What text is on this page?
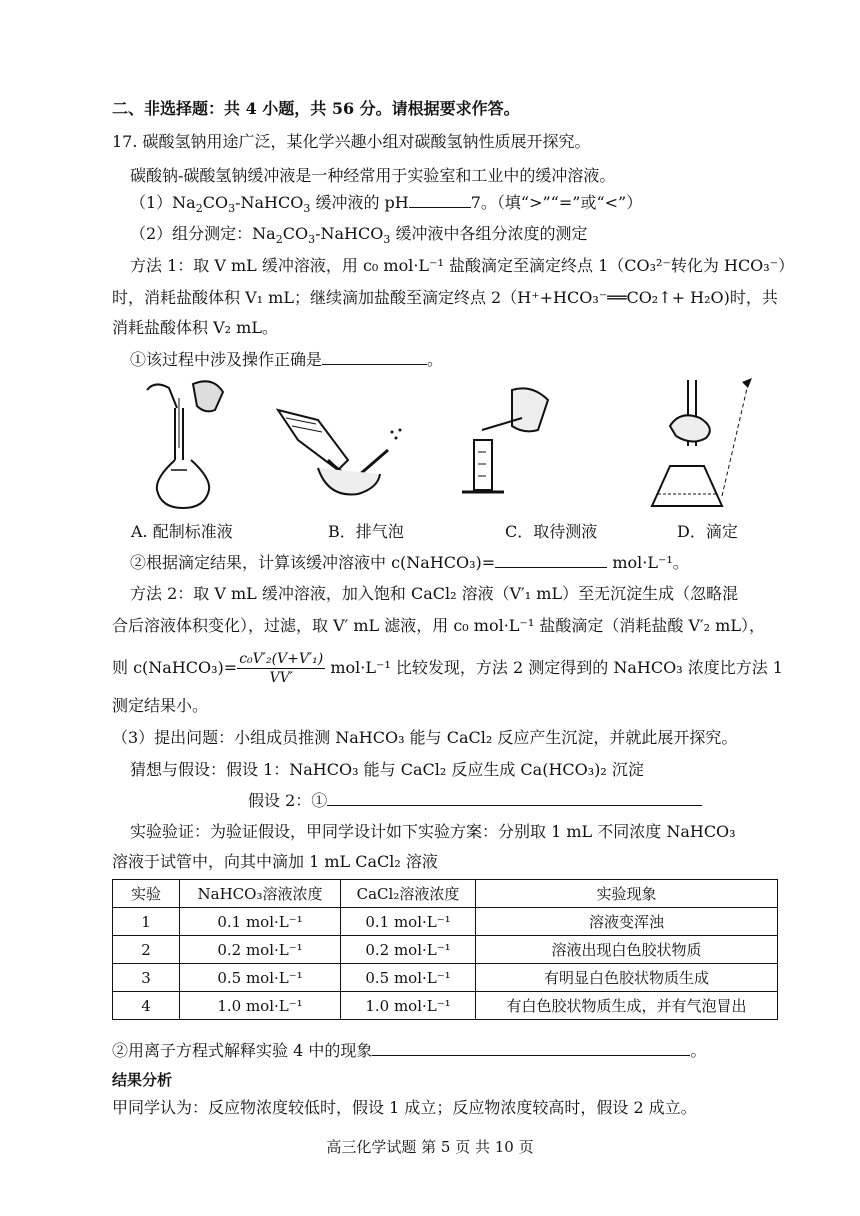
二、非选择题：共 4 小题，共 56 分。请根据要求作答。
17. 碳酸氢钠用途广泛，某化学兴趣小组对碳酸氢钠性质展开探究。
碳酸钠-碳酸氢钠缓冲液是一种经常用于实验室和工业中的缓冲溶液。
$(1)Na_2CO_3-NaHCO_3$ 缓冲液的 pH	7。（填“>”“=”或“<”）
（2）组分测定：$Na_2CO_3-NaHCO_3$ 缓冲液中各组分浓度的测定
方法 1：取 V mL 缓冲溶液，用 c₀ mol·L⁻¹ 盐酸滴定至滴定终点 1（CO₃²⁻转化为 HCO₃⁻）
时，消耗盐酸体积 V₁ mL；继续滴加盐酸至滴定终点 2（H⁺+HCO₃⁻══CO₂↑+ H₂O)时，共
消耗盐酸体积 V₂ mL。
①该过程中涉及操作正确是	。
A. 配制标准液	B．排气泡	C．取待测液	D．滴定
②根据滴定结果，计算该缓冲溶液中 c(NaHCO₃)=	mol·L⁻¹。
方法 2：取 V mL 缓冲溶液，加入饱和 CaCl₂ 溶液（V′₁ mL）至无沉淀生成（忽略混
合后溶液体积变化），过滤，取 V′ mL 滤液，用 c₀ mol·L⁻¹ 盐酸滴定（消耗盐酸 V′₂ mL），
则 c(NaHCO₃)= $\frac{\text{c₀V′₂(V+V′₁)}}{VV'} mol\cdot L^{-1}$ 比较发现，方法 2 测定得到的 NaHCO₃ 浓度比方法 1
测定结果小。
（3）提出问题：小组成员推测 NaHCO₃ 能与 CaCl₂ 反应产生沉淀，并就此展开探究。
猜想与假设：假设 1：NaHCO₃ 能与 CaCl₂ 反应生成 Ca(HCO₃)₂ 沉淀
假设 2：①
实验验证：为验证假设，甲同学设计如下实验方案：分别取 1 mL 不同浓度 NaHCO₃
溶液于试管中，向其中滴加 1 mL CaCl₂ 溶液
实验	NaHCO₃溶液浓度	CaCl₂溶液浓度	实验现象
1	0.1 mol·L⁻¹	0.1 mol·L⁻¹	溶液变浑浊
2	0.2 mol·L⁻¹	0.2 mol·L⁻¹	溶液出现白色胶状物质
3	0.5 mol·L⁻¹	0.5 mol·L⁻¹	有明显白色胶状物质生成
4	1.0 mol·L⁻¹	1.0 mol·L⁻¹	有白色胶状物质生成，并有气泡冒出
②用离子方程式解释实验 4 中的现象	。
结果分析
甲同学认为：反应物浓度较低时，假设 1 成立；反应物浓度较高时，假设 2 成立。
高三化学试题 第 5 页 共 10 页
